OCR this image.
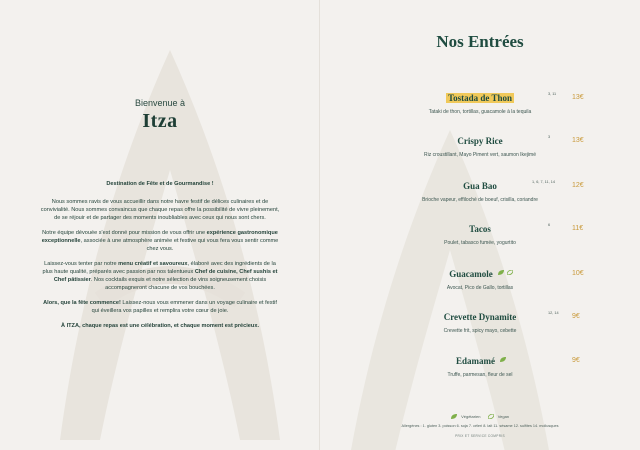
Bienvenue à
Itza

Destination de Fête et de Gourmandise !

Nous sommes ravis de vous accueillir dans notre havre festif de délices culinaires et de convivialité. Nous sommes convaincus que chaque repas offre la possibilité de vivre pleinement, de se réjouir et de partager des moments inoubliables avec ceux qui nous sont chers.

Notre équipe dévouée s'est donné pour mission de vous offrir une expérience gastronomique exceptionnelle, associée à une atmosphère animée et festive qui vous fera vous sentir comme chez vous.

Laissez-vous tenter par notre menu créatif et savoureux, élaboré avec des ingrédients de la plus haute qualité, préparés avec passion par nos talentueux Chef de cuisine, Chef sushis et Chef pâtissier. Nos cocktails exquis et notre sélection de vins soigneusement choisis accompagneront chacune de vos bouchées.

Alors, que la fête commence! Laissez-nous vous emmener dans un voyage culinaire et festif qui éveillera vos papilles et remplira votre cœur de joie.

À ITZA, chaque repas est une célébration, et chaque moment est précieux.

Nos Entrées
Tostada de Thon
Tataki de thon, tortillas, guacamole à la tequila
3, 11 13€
Crispy Rice
Riz croustillant, Mayo Piment vert, saumon Ikejimé
3	13€
Gua Bao
Brioche vapeur, effiloché de boeuf, crisilla, coriandre
1, 6, 7, 11, 14 12€
Tacos
Poulet, tabasco fumée, yogurtito
6	11€
Guacamole
Avocat, Pico de Gallo, tortillas
10€
Crevette Dynamite
Crevette frit, spicy mayo, cebette
12, 14 9€
Edamamé
Truffe, parmesan, fleur de sel
9€
Végétarien	Vegan
Allergènes : 1. gluten 3. poisson 6. soja 7. céleri 8. lait 11. sésame 12. sulfites 14. mollusques
PRIX ET SERVICE COMPRIS
